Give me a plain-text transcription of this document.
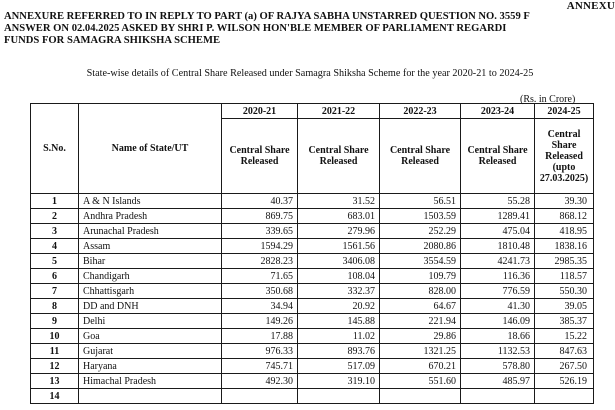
ANNEXU
ANNEXURE REFERRED TO IN REPLY TO PART (a) OF RAJYA SABHA UNSTARRED QUESTION NO. 3559 F
ANSWER ON 02.04.2025 ASKED BY SHRI P. WILSON HON'BLE MEMBER OF PARLIAMENT REGARDI
FUNDS FOR SAMAGRA SHIKSHA SCHEME
State-wise details of Central Share Released under Samagra Shiksha Scheme for the year 2020-21 to 2024-25
(Rs. in Crore)
S.No.	Name of State/UT	2020-21	2021-22	2022-23	2023-24	2024-25

		Central Share Released	Central Share Released	Central Share Released	Central Share Released	Central Share Released (upto 27.03.2025)

1	A & N Islands	40.37	31.52	56.51	55.28	39.30
2	Andhra Pradesh	869.75	683.01	1503.59	1289.41	868.12
3	Arunachal Pradesh	339.65	279.96	252.29	475.04	418.95
4	Assam	1594.29	1561.56	2080.86	1810.48	1838.16
5	Bihar	2828.23	3406.08	3554.59	4241.73	2985.35
6	Chandigarh	71.65	108.04	109.79	116.36	118.57
7	Chhattisgarh	350.68	332.37	828.00	776.59	550.30
8	DD and DNH	34.94	20.92	64.67	41.30	39.05
9	Delhi	149.26	145.88	221.94	146.09	385.37
10	Goa	17.88	11.02	29.86	18.66	15.22
11	Gujarat	976.33	893.76	1321.25	1132.53	847.63
12	Haryana	745.71	517.09	670.21	578.80	267.50
13	Himachal Pradesh	492.30	319.10	551.60	485.97	526.19
14						
